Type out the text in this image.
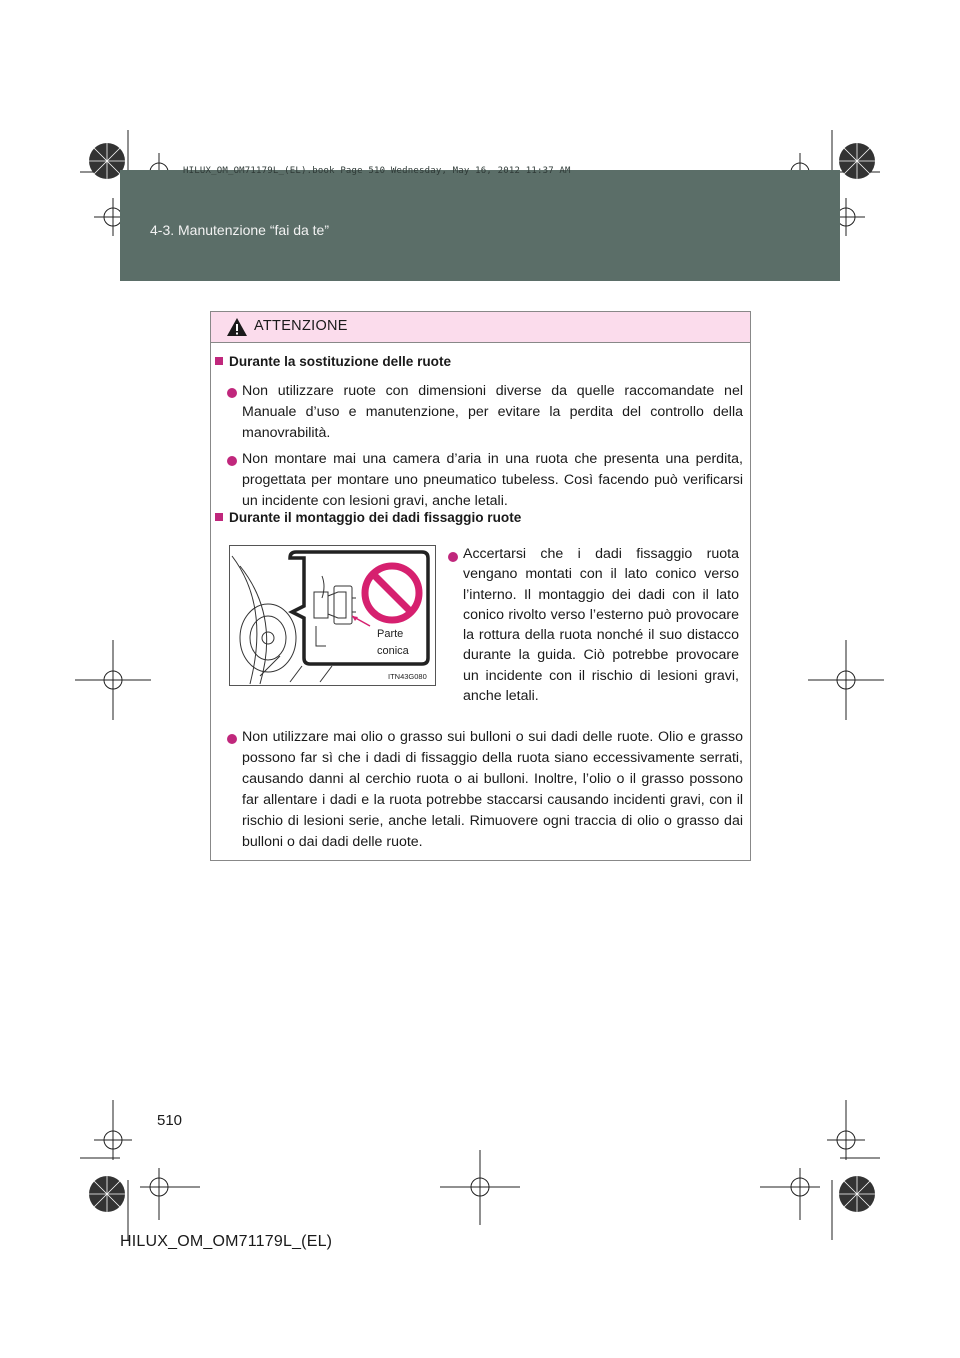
4-3. Manutenzione “fai da te”
HILUX_OM_OM71179L_(EL).book Page 510 Wednesday, May 16, 2012 11:37 AM
ATTENZIONE
Durante la sostituzione delle ruote
Non utilizzare ruote con dimensioni diverse da quelle raccomandate nel Manuale d’uso e manutenzione, per evitare la perdita del controllo della manovrabilità.
Non montare mai una camera d’aria in una ruota che presenta una perdita, progettata per montare uno pneumatico tubeless. Così facendo può verificarsi un incidente con lesioni gravi, anche letali.
Durante il montaggio dei dadi fissaggio ruote
Parte
conica
ITN43G080
Accertarsi che i dadi fissaggio ruota vengano montati con il lato conico verso l’interno. Il montaggio dei dadi con il lato conico rivolto verso l’esterno può provocare la rottura della ruota nonché il suo distacco durante la guida. Ciò potrebbe provocare un incidente con il rischio di lesioni gravi, anche letali.
Non utilizzare mai olio o grasso sui bulloni o sui dadi delle ruote. Olio e grasso possono far sì che i dadi di fissaggio della ruota siano eccessivamente serrati, causando danni al cerchio ruota o ai bulloni. Inoltre, l’olio o il grasso possono far allentare i dadi e la ruota potrebbe staccarsi causando incidenti gravi, con il rischio di lesioni serie, anche letali. Rimuovere ogni traccia di olio o grasso dai bulloni o dai dadi delle ruote.
510
HILUX_OM_OM71179L_(EL)
